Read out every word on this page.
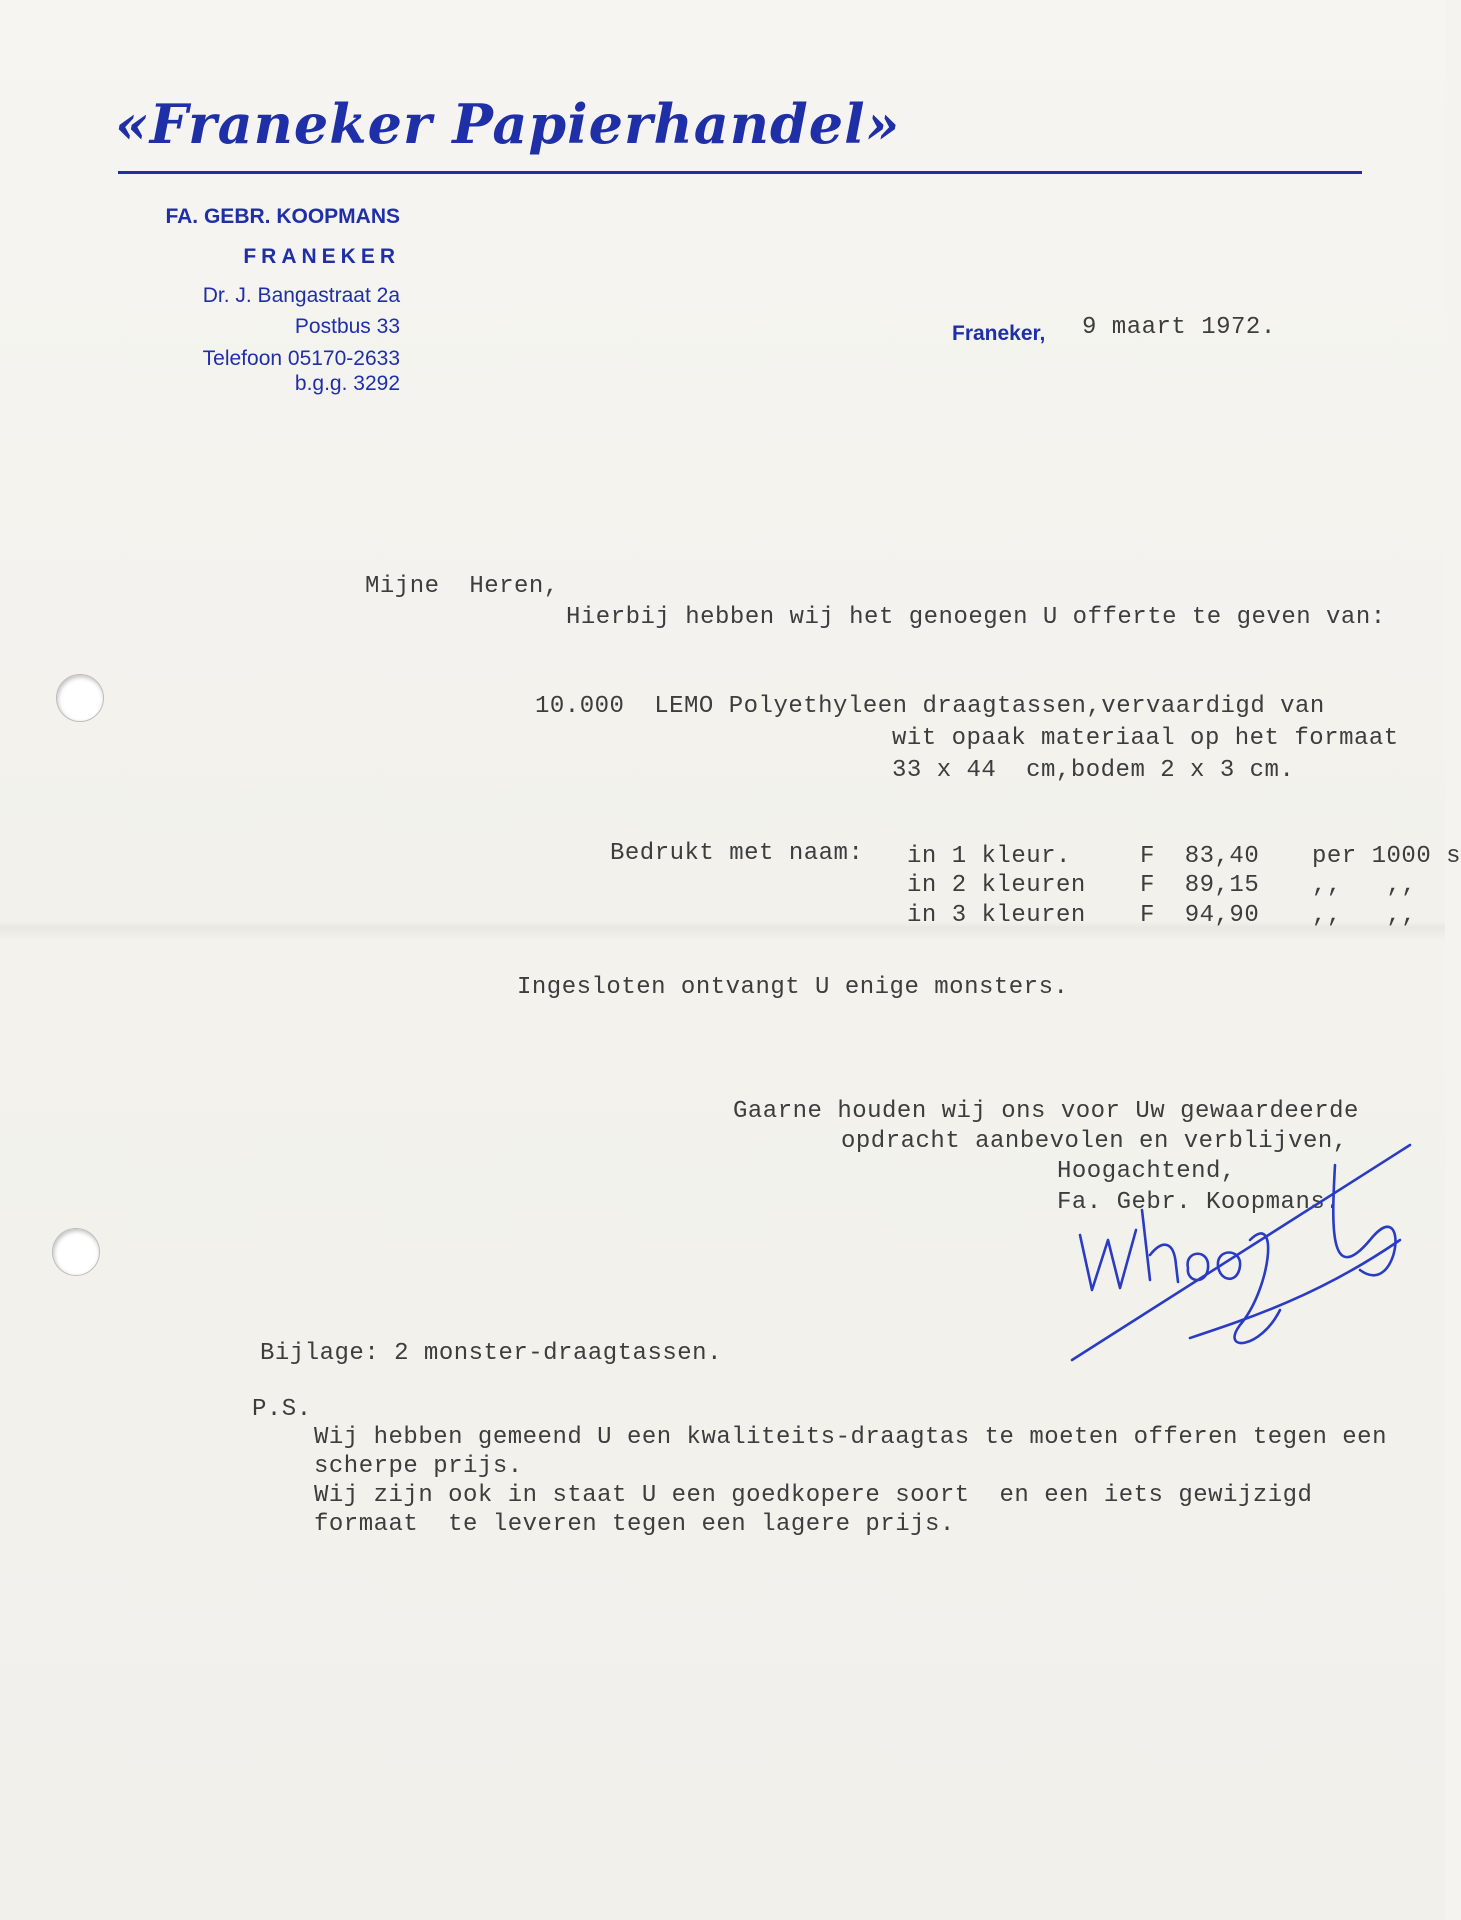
«Franeker Papierhandel»
FA. GEBR. KOOPMANS
FRANEKER
Dr. J. Bangastraat 2a
Postbus 33
Telefoon 05170-2633
b.g.g. 3292
Franeker, 9 maart 1972.
Mijne  Heren,
Hierbij hebben wij het genoegen U offerte te geven van:
10.000  LEMO Polyethyleen draagtassen,vervaardigd van
wit opaak materiaal op het formaat
33 x 44  cm,bodem 2 x 3 cm.
Bedrukt met naam: in 1 kleur.	F  83,40 per 1000 s
in 2 kleuren F  89,15 ,,   ,,
in 3 kleuren F  94,90 ,,   ,,
Ingesloten ontvangt U enige monsters.
Gaarne houden wij ons voor Uw gewaardeerde
opdracht aanbevolen en verblijven,
Hoogachtend,
Fa. Gebr. Koopmans.
Bijlage: 2 monster-draagtassen.
P.S.
Wij hebben gemeend U een kwaliteits-draagtas te moeten offeren tegen een
scherpe prijs.
Wij zijn ook in staat U een goedkopere soort  en een iets gewijzigd
formaat  te leveren tegen een lagere prijs.
